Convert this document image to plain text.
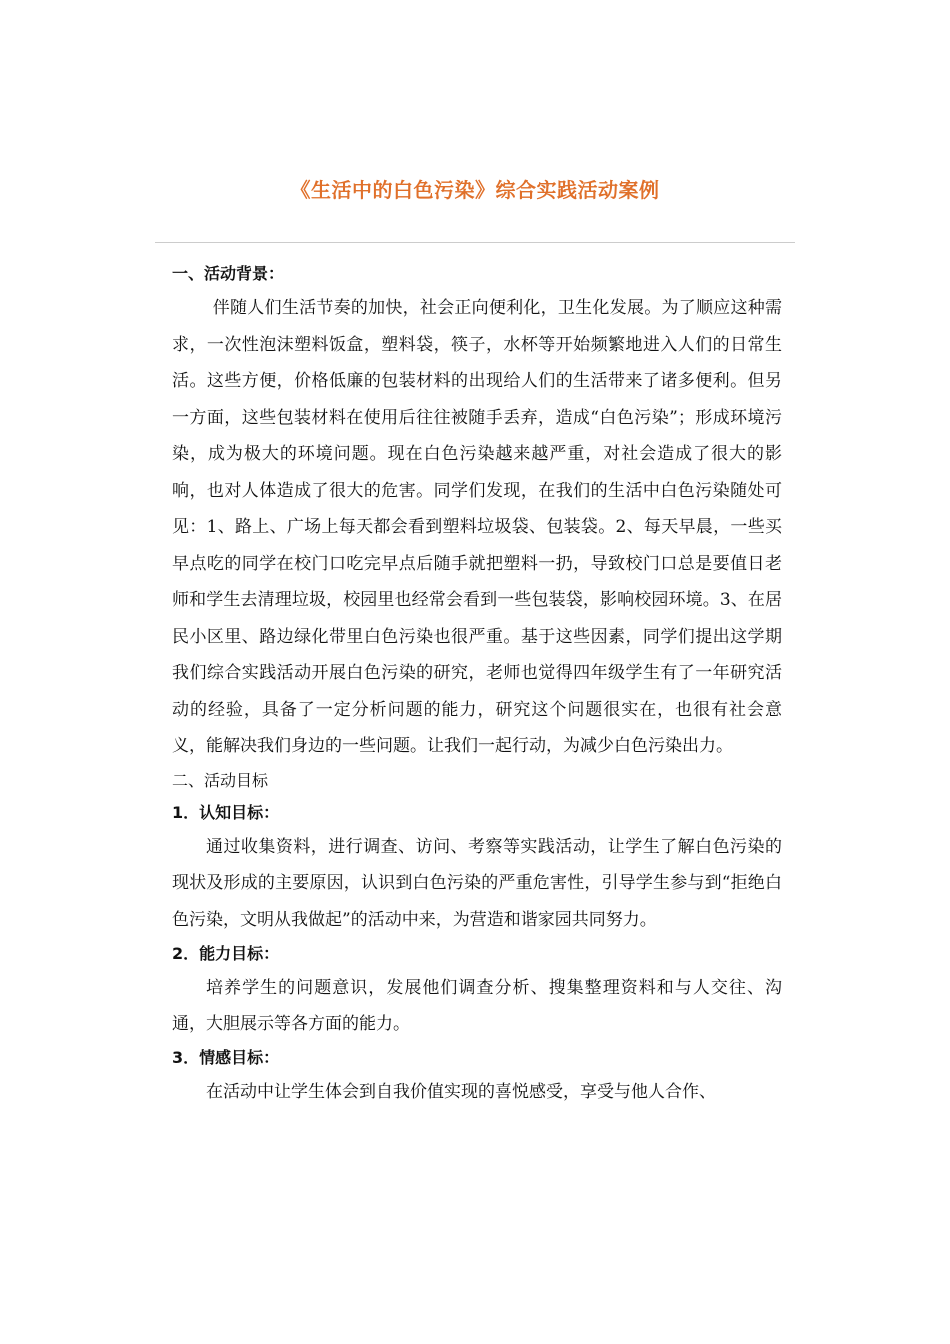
《生活中的白色污染》综合实践活动案例
一、活动背景：

伴随人们生活节奏的加快，社会正向便利化，卫生化发展。为了顺应这种需求，一次性泡沫塑料饭盒，塑料袋，筷子，水杯等开始频繁地进入人们的日常生活。这些方便，价格低廉的包装材料的出现给人们的生活带来了诸多便利。但另一方面，这些包装材料在使用后往往被随手丢弃，造成“白色污染”；形成环境污染，成为极大的环境问题。现在白色污染越来越严重，对社会造成了很大的影响，也对人体造成了很大的危害。同学们发现，在我们的生活中白色污染随处可见：1、路上、广场上每天都会看到塑料垃圾袋、包装袋。2、每天早晨，一些买早点吃的同学在校门口吃完早点后随手就把塑料一扔，导致校门口总是要值日老师和学生去清理垃圾，校园里也经常会看到一些包装袋，影响校园环境。3、在居民小区里、路边绿化带里白色污染也很严重。基于这些因素，同学们提出这学期我们综合实践活动开展白色污染的研究，老师也觉得四年级学生有了一年研究活动的经验，具备了一定分析问题的能力，研究这个问题很实在，也很有社会意义，能解决我们身边的一些问题。让我们一起行动，为减少白色污染出力。

二、活动目标
1．认知目标：

通过收集资料，进行调查、访问、考察等实践活动，让学生了解白色污染的现状及形成的主要原因，认识到白色污染的严重危害性，引导学生参与到“拒绝白色污染，文明从我做起”的活动中来，为营造和谐家园共同努力。

2．能力目标：

培养学生的问题意识，发展他们调查分析、搜集整理资料和与人交往、沟通，大胆展示等各方面的能力。

3．情感目标：

在活动中让学生体会到自我价值实现的喜悦感受，享受与他人合作、
